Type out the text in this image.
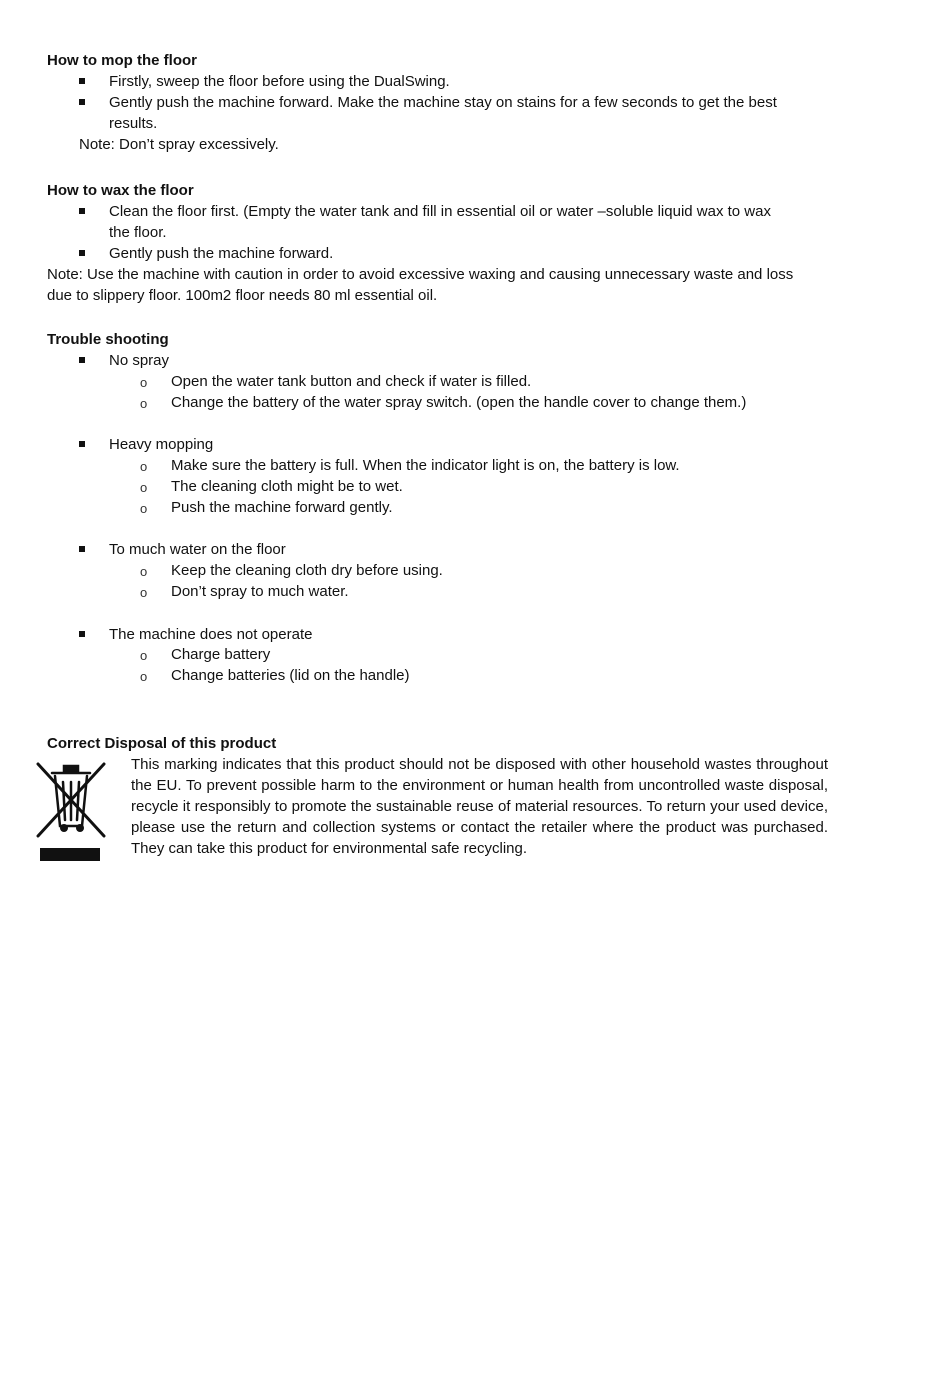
How to mop the floor
Firstly, sweep the floor before using the DualSwing.
Gently push the machine forward. Make the machine stay on stains for a few seconds to get the best
results.
Note: Don’t spray excessively.
How to wax the floor
Clean the floor first. (Empty the water tank and fill in essential oil or water –soluble liquid wax to wax
the floor.
Gently push the machine forward.
Note: Use the machine with caution in order to avoid excessive waxing and causing unnecessary waste and loss
due to slippery floor. 100m2 floor needs 80 ml essential oil.
Trouble shooting
No spray
o Open the water tank button and check if water is filled.
o Change the battery of the water spray switch. (open the handle cover to change them.)
Heavy mopping
o Make sure the battery is full. When the indicator light is on, the battery is low.
o The cleaning cloth might be to wet.
o Push the machine forward gently.
To much water on the floor
o Keep the cleaning cloth dry before using.
o Don’t spray to much water.
The machine does not operate
o Charge battery
o Change batteries (lid on the handle)
Correct Disposal of this product
This marking indicates that this product should not be disposed with other household wastes throughout the EU. To prevent possible harm to the environment or human health from uncontrolled waste disposal, recycle it responsibly to promote the sustainable reuse of material resources. To return your used device, please use the return and collection systems or contact the retailer where the product was purchased. They can take this product for environmental safe recycling.
